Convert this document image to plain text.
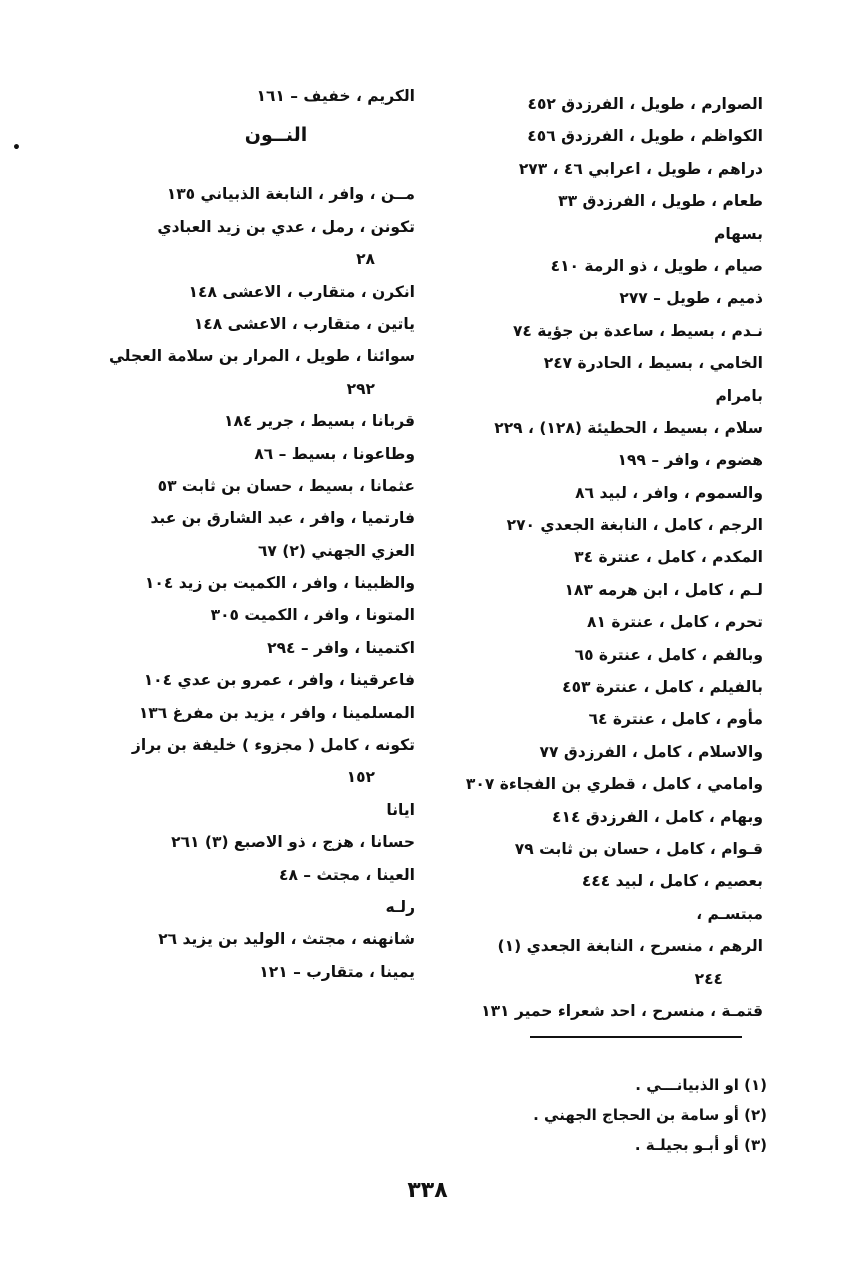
•
الصوارم ، طويل ، الفرزدق ٤٥٢
الكواظم ، طويل ، الفرزدق ٤٥٦
دراهم ، طويل ، اعرابي ٤٦ ، ٢٧٣
طعام ، طويل ، الفرزدق ٣٣
بسهام
صيام ، طويل ، ذو الرمة ٤١٠
ذميم ، طويل – ٢٧٧
نـدم ، بسيط ، ساعدة بن جؤية ٧٤
الخامي ، بسيط ، الحادرة ٢٤٧
بامرام
سلام ، بسيط ، الحطيئة (١٢٨) ، ٢٢٩
هضوم ، وافر – ١٩٩
والسموم ، وافر ، لبيد ٨٦
الرجم ، كامل ، النابغة الجعدي ٢٧٠
المكدم ، كامل ، عنترة ٣٤
لـم ، كامل ، ابن هرمه ١٨٣
تحرم ، كامل ، عنترة ٨١
وبالفم ، كامل ، عنترة ٦٥
بالفيلم ، كامل ، عنترة ٤٥٣
مأوم ، كامل ، عنترة ٦٤
والاسلام ، كامل ، الفرزدق ٧٧
وامامي ، كامل ، قطري بن الفجاءة ٣٠٧
وبهام ، كامل ، الفرزدق ٤١٤
قـوام ، كامل ، حسان بن ثابت ٧٩
بعصيم ، كامل ، لبيد ٤٤٤
مبتسـم ،
الرهم ، منسرح ، النابغة الجعدي (١)
٢٤٤
قتمـة ، منسرح ، احد شعراء حمير ١٣١
الكريم ، خفيف – ١٦١
النــون
مــن ، وافر ، النابغة الذبياني ١٣٥
تكونن ، رمل ، عدي بن زيد العبادي
٢٨
انكرن ، متقارب ، الاعشى ١٤٨
ياتين ، متقارب ، الاعشى ١٤٨
سوائنا ، طويل ، المرار بن سلامة العجلي
٢٩٢
قربانا ، بسيط ، جرير ١٨٤
وطاعونا ، بسيط – ٨٦
عثمانا ، بسيط ، حسان بن ثابت ٥٣
فارتميا ، وافر ، عبد الشارق بن عبد
العزي الجهني (٢) ٦٧
والظبينا ، وافر ، الكميت بن زيد ١٠٤
المتونا ، وافر ، الكميت ٣٠٥
اكتمينا ، وافر – ٢٩٤
فاعرقينا ، وافر ، عمرو بن عدي ١٠٤
المسلمينا ، وافر ، يزيد بن مفرغ ١٣٦
تكونه ، كامل ( مجزوء ) خليفة بن براز
١٥٢
ايانا
حسانا ، هزج ، ذو الاصبع (٣) ٢٦١
العينا ، مجتث – ٤٨
رلـه
شانهنه ، مجتث ، الوليد بن يزيد ٢٦
يمينا ، متقارب – ١٢١
(١) او الذبيانـــي .
(٢) أو سامة بن الحجاج الجهني .
(٣) أو أبـو بجيلـة .
٣٣٨
